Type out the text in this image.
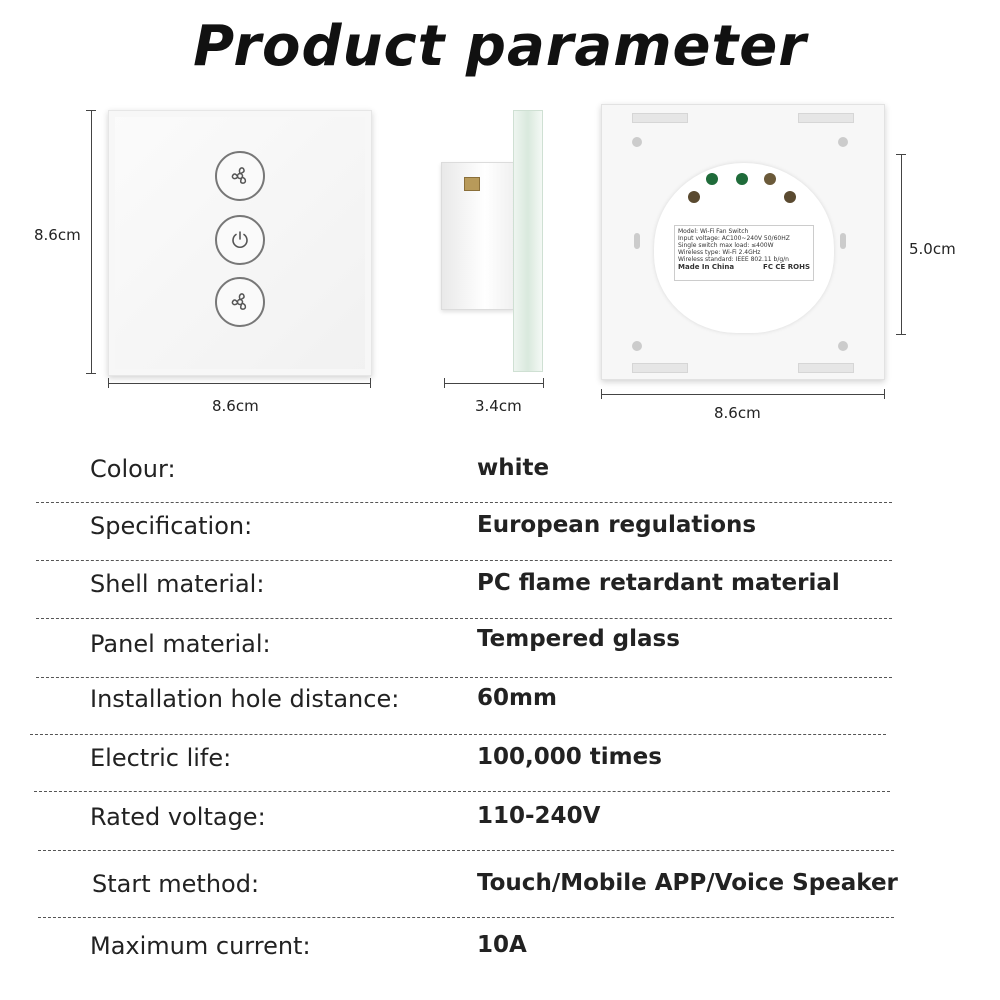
Product parameter
8.6cm
8.6cm	3.4cm
Model: Wi-Fi Fan Switch
Input voltage: AC100~240V 50/60HZ
Single switch max load: ≤400W
Wireless type: Wi-Fi 2.4GHz
Wireless standard: IEEE 802.11 b/g/n
Made In China	FC CE ROHS
5.0cm
8.6cm
Colour:	white
Specification:	European regulations
Shell material:	PC flame retardant material
Panel material:	Tempered glass
Installation hole distance:	60mm
Electric life:	100,000 times
Rated voltage:	110-240V
Start method:	Touch/Mobile APP/Voice Speaker
Maximum current:	10A
